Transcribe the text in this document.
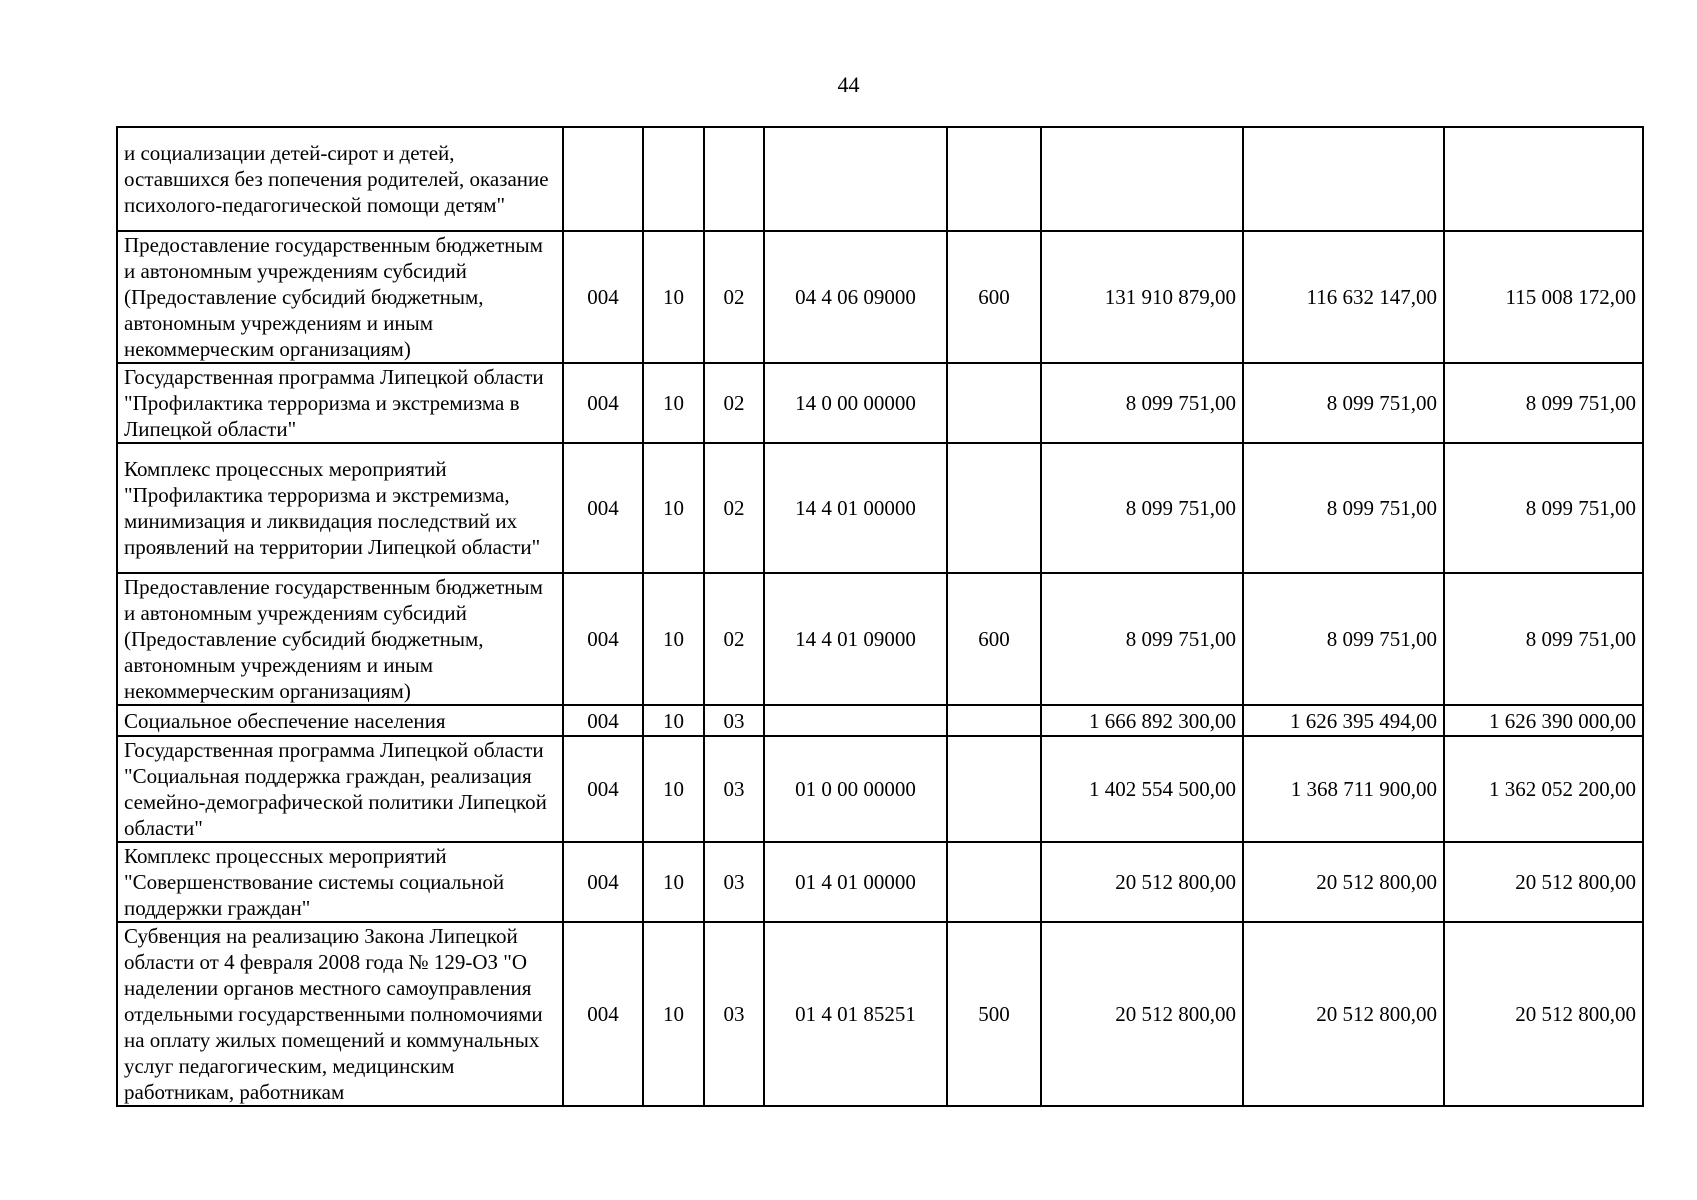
44
и социализации детей-сирот и детей, оставшихся без попечения родителей, оказание психолого-педагогической помощи детям"								
Предоставление государственным бюджетным и автономным учреждениям субсидий (Предоставление субсидий бюджетным, автономным учреждениям и иным некоммерческим организациям)	004	10	02	04 4 06 09000	600	131 910 879,00	116 632 147,00	115 008 172,00
Государственная программа Липецкой области "Профилактика терроризма и экстремизма в Липецкой области"	004	10	02	14 0 00 00000		8 099 751,00	8 099 751,00	8 099 751,00
Комплекс процессных мероприятий "Профилактика терроризма и экстремизма, минимизация и ликвидация последствий их проявлений на территории Липецкой области"	004	10	02	14 4 01 00000		8 099 751,00	8 099 751,00	8 099 751,00
Предоставление государственным бюджетным и автономным учреждениям субсидий (Предоставление субсидий бюджетным, автономным учреждениям и иным некоммерческим организациям)	004	10	02	14 4 01 09000	600	8 099 751,00	8 099 751,00	8 099 751,00
Социальное обеспечение населения	004	10	03			1 666 892 300,00	1 626 395 494,00	1 626 390 000,00
Государственная программа Липецкой области "Социальная поддержка граждан, реализация семейно-демографической политики Липецкой области"	004	10	03	01 0 00 00000		1 402 554 500,00	1 368 711 900,00	1 362 052 200,00
Комплекс процессных мероприятий "Совершенствование системы социальной поддержки граждан"	004	10	03	01 4 01 00000		20 512 800,00	20 512 800,00	20 512 800,00
Субвенция на реализацию Закона Липецкой области от 4 февраля 2008 года № 129-ОЗ "О наделении органов местного самоуправления отдельными государственными полномочиями на оплату жилых помещений и коммунальных услуг педагогическим, медицинским работникам, работникам	004	10	03	01 4 01 85251	500	20 512 800,00	20 512 800,00	20 512 800,00
